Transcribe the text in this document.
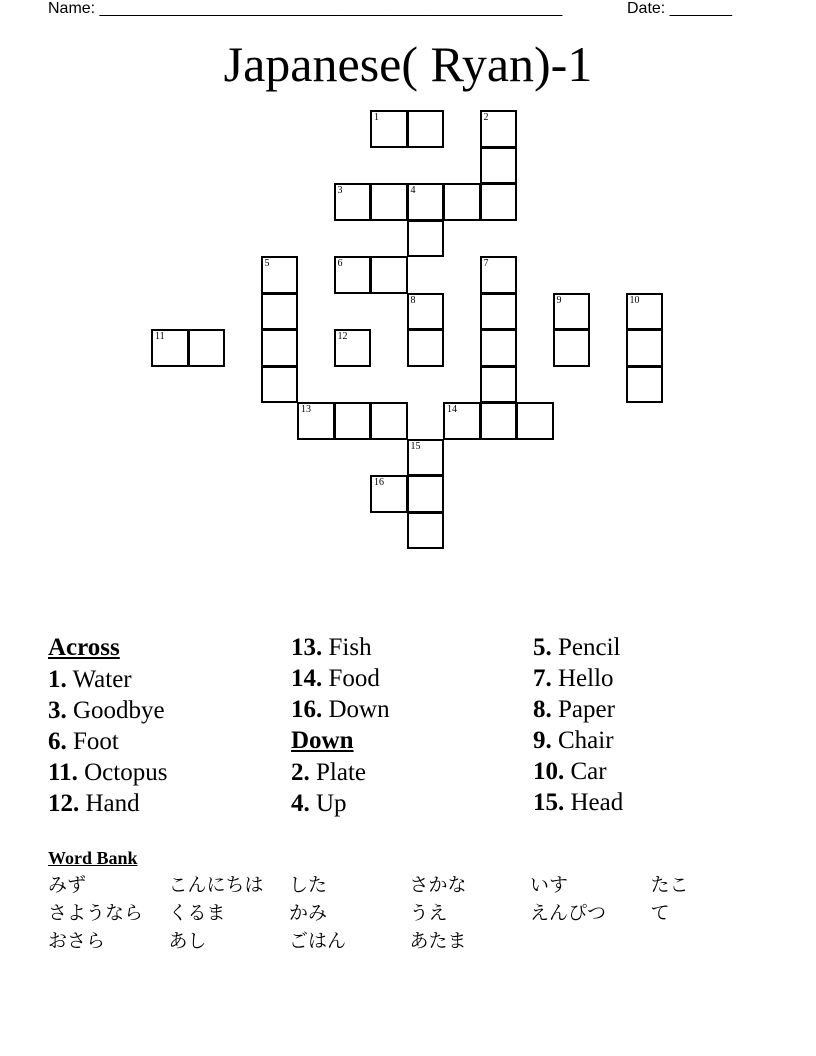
Name: ____________________________________________________	Date: _______
Japanese( Ryan)-1
1	2
3	4
5	6	7
8	9	10
11	12
13	14
15
16
Across
1. Water
3. Goodbye
6. Foot
11. Octopus
12. Hand
13. Fish
14. Food
16. Down
Down
2. Plate
4. Up
5. Pencil
7. Hello
8. Paper
9. Chair
10. Car
15. Head
Word Bank
みず	こんにちは	した	さかな	いす	たこ
さようなら	くるま	かみ	うえ	えんぴつ	て
おさら	あし	ごはん	あたま
